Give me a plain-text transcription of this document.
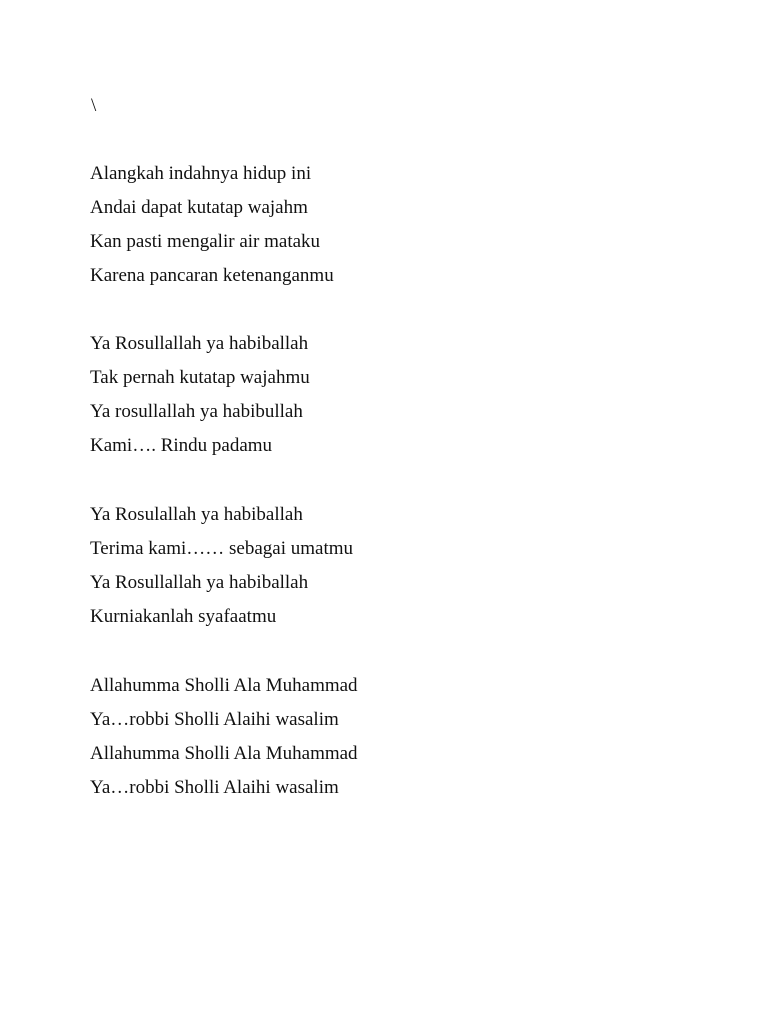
\
Alangkah indahnya hidup ini
Andai dapat kutatap wajahm
Kan pasti mengalir air mataku
Karena pancaran ketenanganmu
Ya Rosullallah ya habiballah
Tak pernah kutatap wajahmu
Ya rosullallah ya habibullah
Kami…. Rindu padamu
Ya Rosulallah ya habiballah
Terima kami…… sebagai umatmu
Ya Rosullallah ya habiballah
Kurniakanlah syafaatmu
Allahumma Sholli Ala Muhammad
Ya…robbi Sholli Alaihi wasalim
Allahumma Sholli Ala Muhammad
Ya…robbi Sholli Alaihi wasalim
